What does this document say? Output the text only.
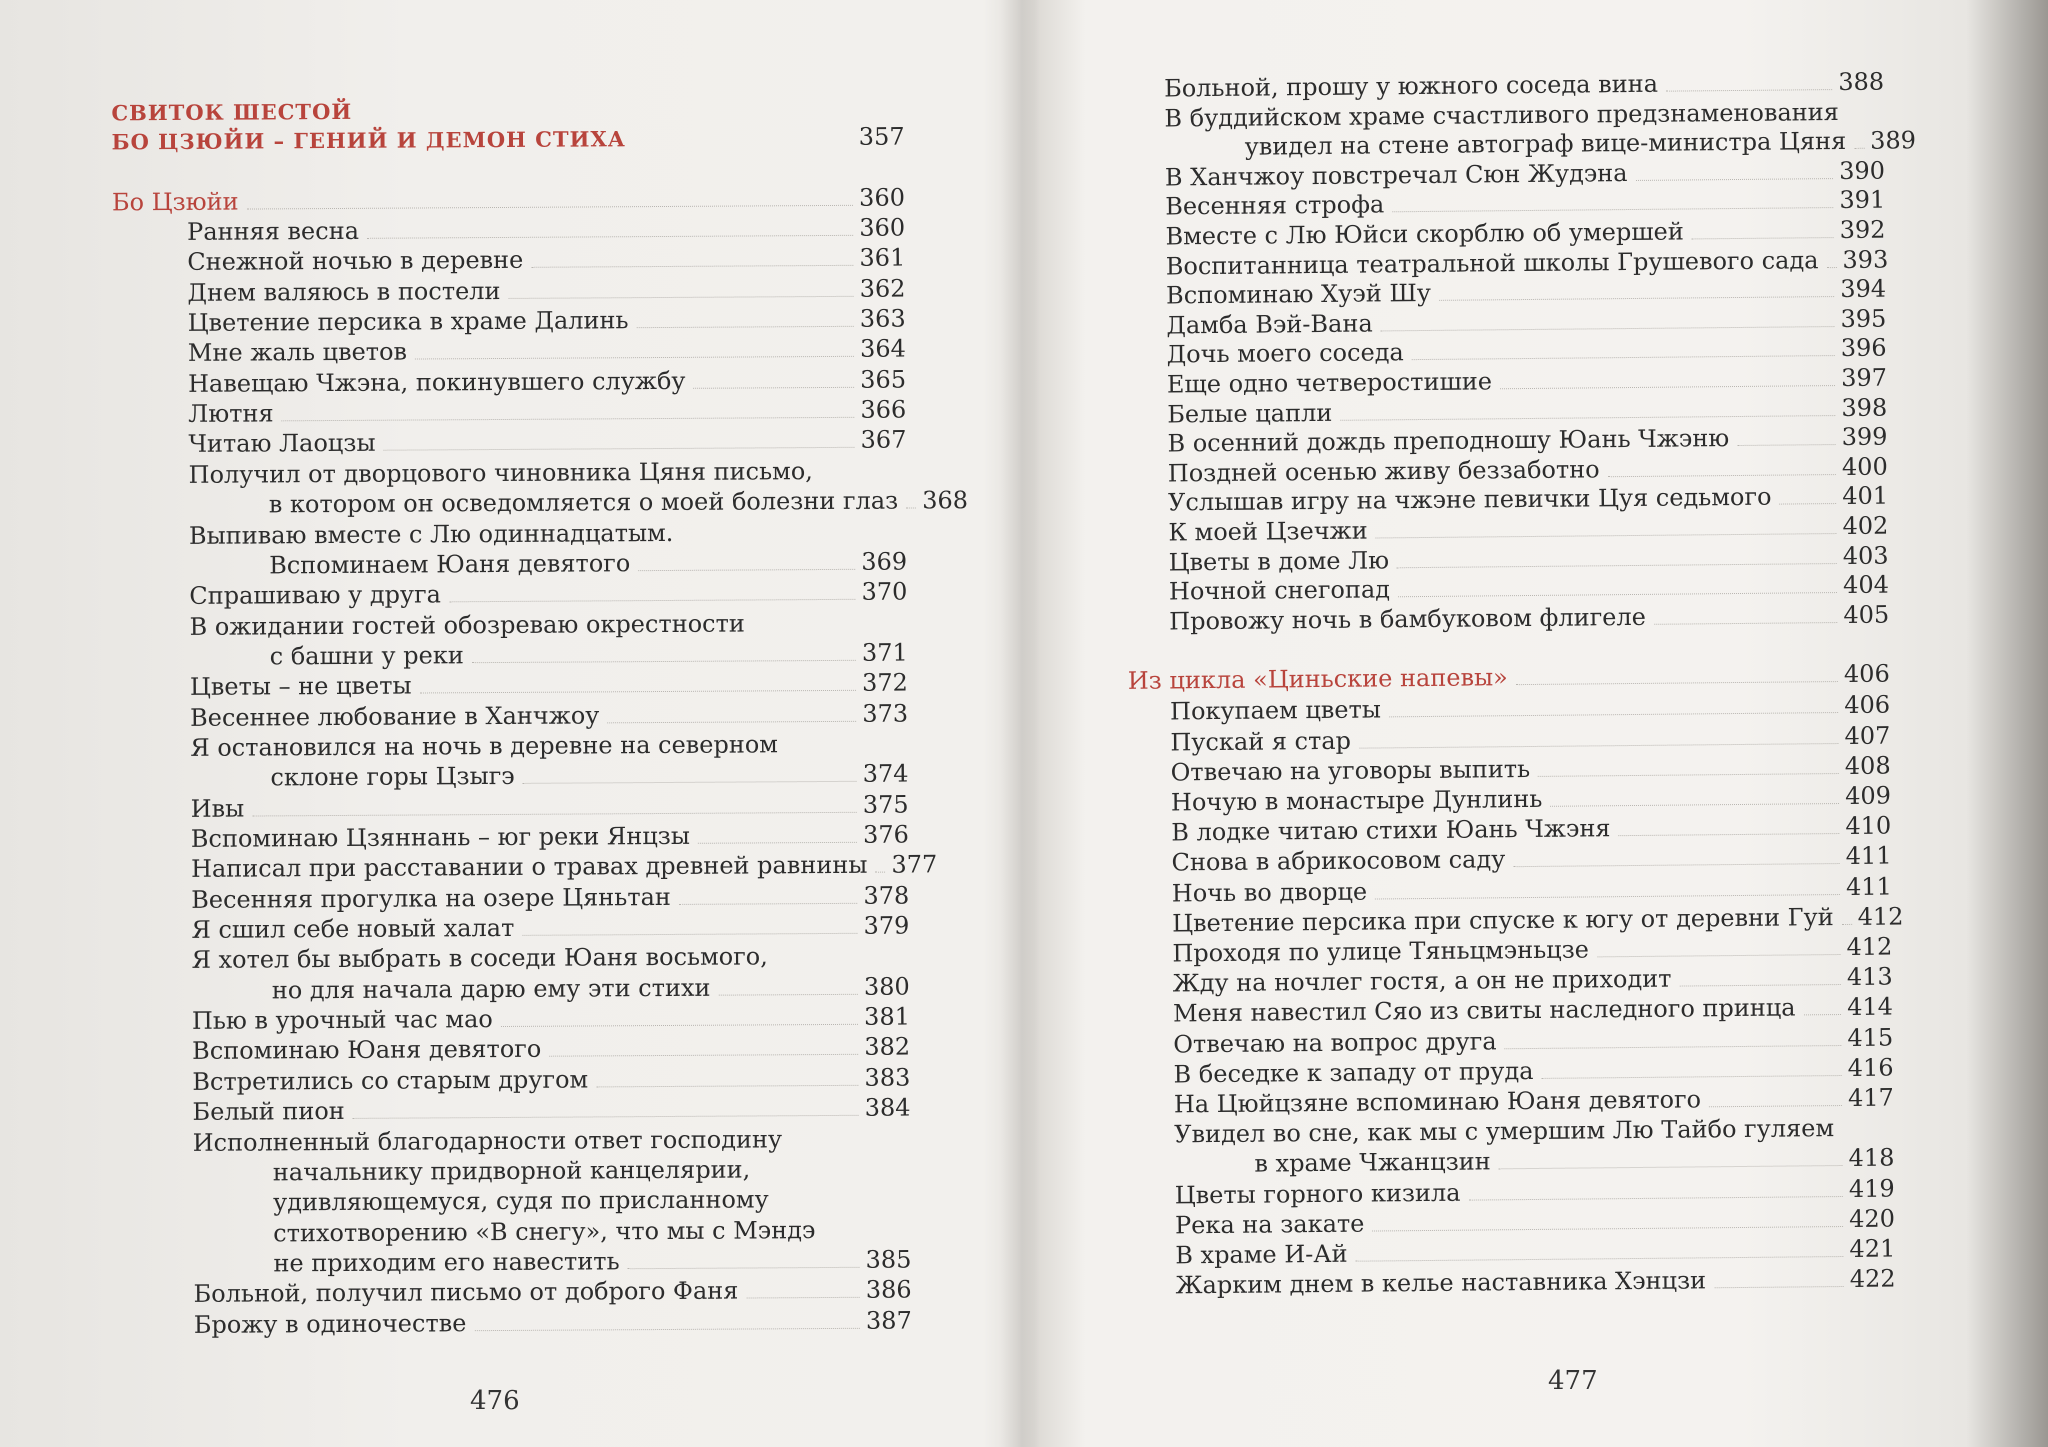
СВИТОК ШЕСТОЙ
БО ЦЗЮЙИ – ГЕНИЙ И ДЕМОН СТИХА	357
Бо Цзюйи	360
Ранняя весна	360
Снежной ночью в деревне	361
Днем валяюсь в постели	362
Цветение персика в храме Далинь	363
Мне жаль цветов	364
Навещаю Чжэна, покинувшего службу	365
Лютня	366
Читаю Лаоцзы	367
Получил от дворцового чиновника Цяня письмо,
в котором он осведомляется о моей болезни глаз 368
Выпиваю вместе с Лю одиннадцатым.
Вспоминаем Юаня девятого	369
Спрашиваю у друга	370
В ожидании гостей обозреваю окрестности
с башни у реки	371
Цветы – не цветы	372
Весеннее любование в Ханчжоу	373
Я остановился на ночь в деревне на северном
склоне горы Цзыгэ	374
Ивы	375
Вспоминаю Цзяннань – юг реки Янцзы	376
Написал при расставании о травах древней равнины 377
Весенняя прогулка на озере Цяньтан	378
Я сшил себе новый халат	379
Я хотел бы выбрать в соседи Юаня восьмого,
но для начала дарю ему эти стихи	380
Пью в урочный час мао	381
Вспоминаю Юаня девятого	382
Встретились со старым другом	383
Белый пион	384
Исполненный благодарности ответ господину
начальнику придворной канцелярии,
удивляющемуся, судя по присланному
стихотворению «В снегу», что мы с Мэндэ
не приходим его навестить	385
Больной, получил письмо от доброго Фаня	386
Брожу в одиночестве	387
476
Больной, прошу у южного соседа вина	388
В буддийском храме счастливого предзнаменования
увидел на стене автограф вице-министра Цяня 389
В Ханчжоу повстречал Сюн Жудэна	390
Весенняя строфа	391
Вместе с Лю Юйси скорблю об умершей	392
Воспитанница театральной школы Грушевого сада 393
Вспоминаю Хуэй Шу	394
Дамба Вэй-Вана	395
Дочь моего соседа	396
Еще одно четверостишие	397
Белые цапли	398
В осенний дождь преподношу Юань Чжэню	399
Поздней осенью живу беззаботно	400
Услышав игру на чжэне певички Цуя седьмого	401
К моей Цзечжи	402
Цветы в доме Лю	403
Ночной снегопад	404
Провожу ночь в бамбуковом флигеле	405
Из цикла «Циньские напевы»	406
Покупаем цветы	406
Пускай я стар	407
Отвечаю на уговоры выпить	408
Ночую в монастыре Дунлинь	409
В лодке читаю стихи Юань Чжэня	410
Снова в абрикосовом саду	411
Ночь во дворце	411
Цветение персика при спуске к югу от деревни Гуй 412
Проходя по улице Тяньцмэньцзе	412
Жду на ночлег гостя, а он не приходит	413
Меня навестил Сяо из свиты наследного принца 414
Отвечаю на вопрос друга	415
В беседке к западу от пруда	416
На Цюйцзяне вспоминаю Юаня девятого	417
Увидел во сне, как мы с умершим Лю Тайбо гуляем
в храме Чжанцзин	418
Цветы горного кизила	419
Река на закате	420
В храме И-Ай	421
Жарким днем в келье наставника Хэнцзи	422
477
